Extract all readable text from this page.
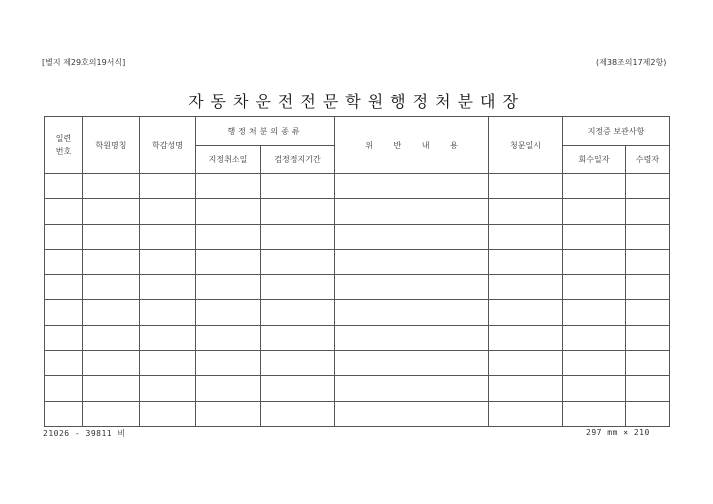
[별지 제29호의19서식]	(제38조의17제2항)
자동차운전전문학원행정처분대장
일련
번호	학원명칭	학감성명	행정처분의종류		위 반 내 용	청문일시	지정증 보관사항	
			지정취소일	검정정지기간			회수일자	수령자

21026 - 39811 비	297 mm × 210
